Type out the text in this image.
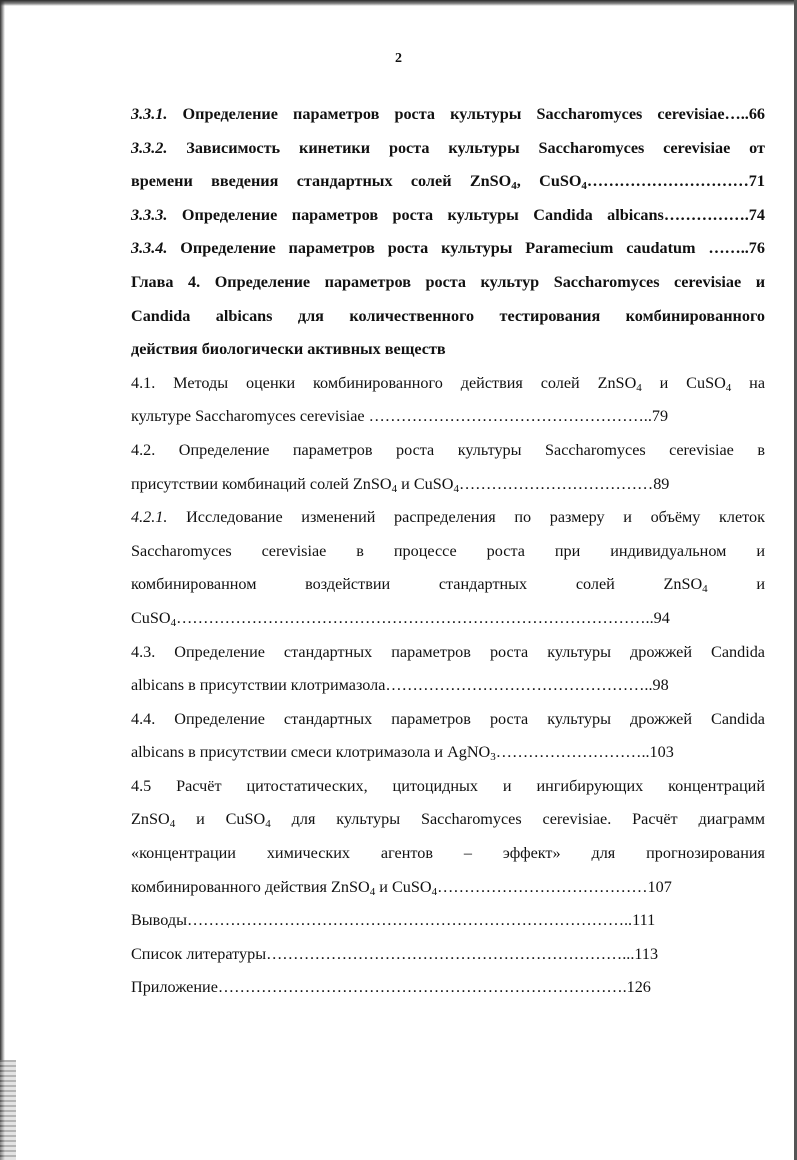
2
3.3.1. Определение параметров роста культуры Saccharomyces cerevisiae…..66
3.3.2. Зависимость кинетики роста культуры Saccharomyces cerevisiae от
времени введения стандартных солей ZnSO$_4$, CuSO$_4$…………………………71
3.3.3. Определение параметров роста культуры Candida albicans…………….74
3.3.4. Определение параметров роста культуры Paramecium caudatum ……..76
Глава 4. Определение параметров роста культур Saccharomyces cerevisiae и
Candida albicans для количественного тестирования комбинированного
действия биологически активных веществ
4.1. Методы оценки комбинированного действия солей ZnSO$_4$ и CuSO$_4$ на
культуре Saccharomyces cerevisiae ……………………………………………..79
4.2. Определение параметров роста культуры Saccharomyces cerevisiae в
присутствии комбинаций солей ZnSO$_4$ и CuSO$_4$………………………………89
4.2.1. Исследование изменений распределения по размеру и объёму клеток
Saccharomyces cerevisiae в процессе роста при индивидуальном и
комбинированном воздействии стандартных солей ZnSO$_4$ и
CuSO$_4$……………………………………………………………………………..94
4.3. Определение стандартных параметров роста культуры дрожжей Candida
albicans в присутствии клотримазола…………………………………………..98
4.4. Определение стандартных параметров роста культуры дрожжей Candida
albicans в присутствии смеси клотримазола и AgNO$_3$………………………..103
4.5 Расчёт цитостатических, цитоцидных и ингибирующих концентраций
ZnSO$_4$ и CuSO$_4$ для культуры Saccharomyces cerevisiae. Расчёт диаграмм
«концентрации химических агентов – эффект» для прогнозирования
комбинированного действия ZnSO$_4$ и CuSO$_4$…………………………………107
Выводы………………………………………………………………………..111
Список литературы…………………………………………………………...113
Приложение………………………………………………………………….126
